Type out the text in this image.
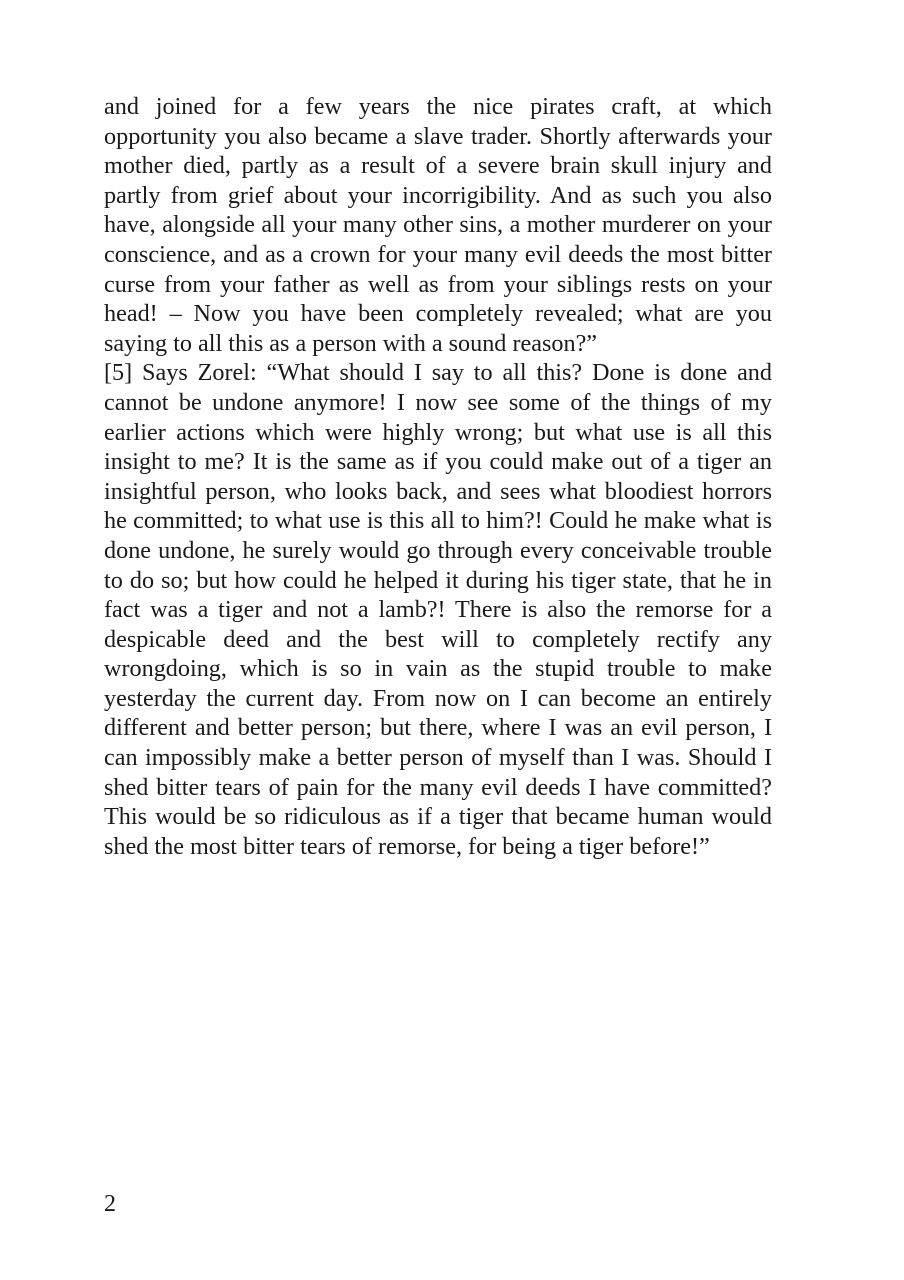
and joined for a few years the nice pirates craft, at which opportunity you also became a slave trader. Shortly afterwards your mother died, partly as a result of a severe brain skull injury and partly from grief about your incorrigibility. And as such you also have, alongside all your many other sins, a mother murderer on your conscience, and as a crown for your many evil deeds the most bitter curse from your father as well as from your siblings rests on your head! – Now you have been completely revealed; what are you saying to all this as a person with a sound reason?”

[5] Says Zorel: “What should I say to all this? Done is done and cannot be undone anymore! I now see some of the things of my earlier actions which were highly wrong; but what use is all this insight to me? It is the same as if you could make out of a tiger an insightful person, who looks back, and sees what bloodiest horrors he committed; to what use is this all to him?! Could he make what is done undone, he surely would go through every conceivable trouble to do so; but how could he helped it during his tiger state, that he in fact was a tiger and not a lamb?! There is also the remorse for a despicable deed and the best will to completely rectify any wrongdoing, which is so in vain as the stupid trouble to make yesterday the current day. From now on I can become an entirely different and better person; but there, where I was an evil person, I can impossibly make a better person of myself than I was. Should I shed bitter tears of pain for the many evil deeds I have committed? This would be so ridiculous as if a tiger that became human would shed the most bitter tears of remorse, for being a tiger before!”

2
